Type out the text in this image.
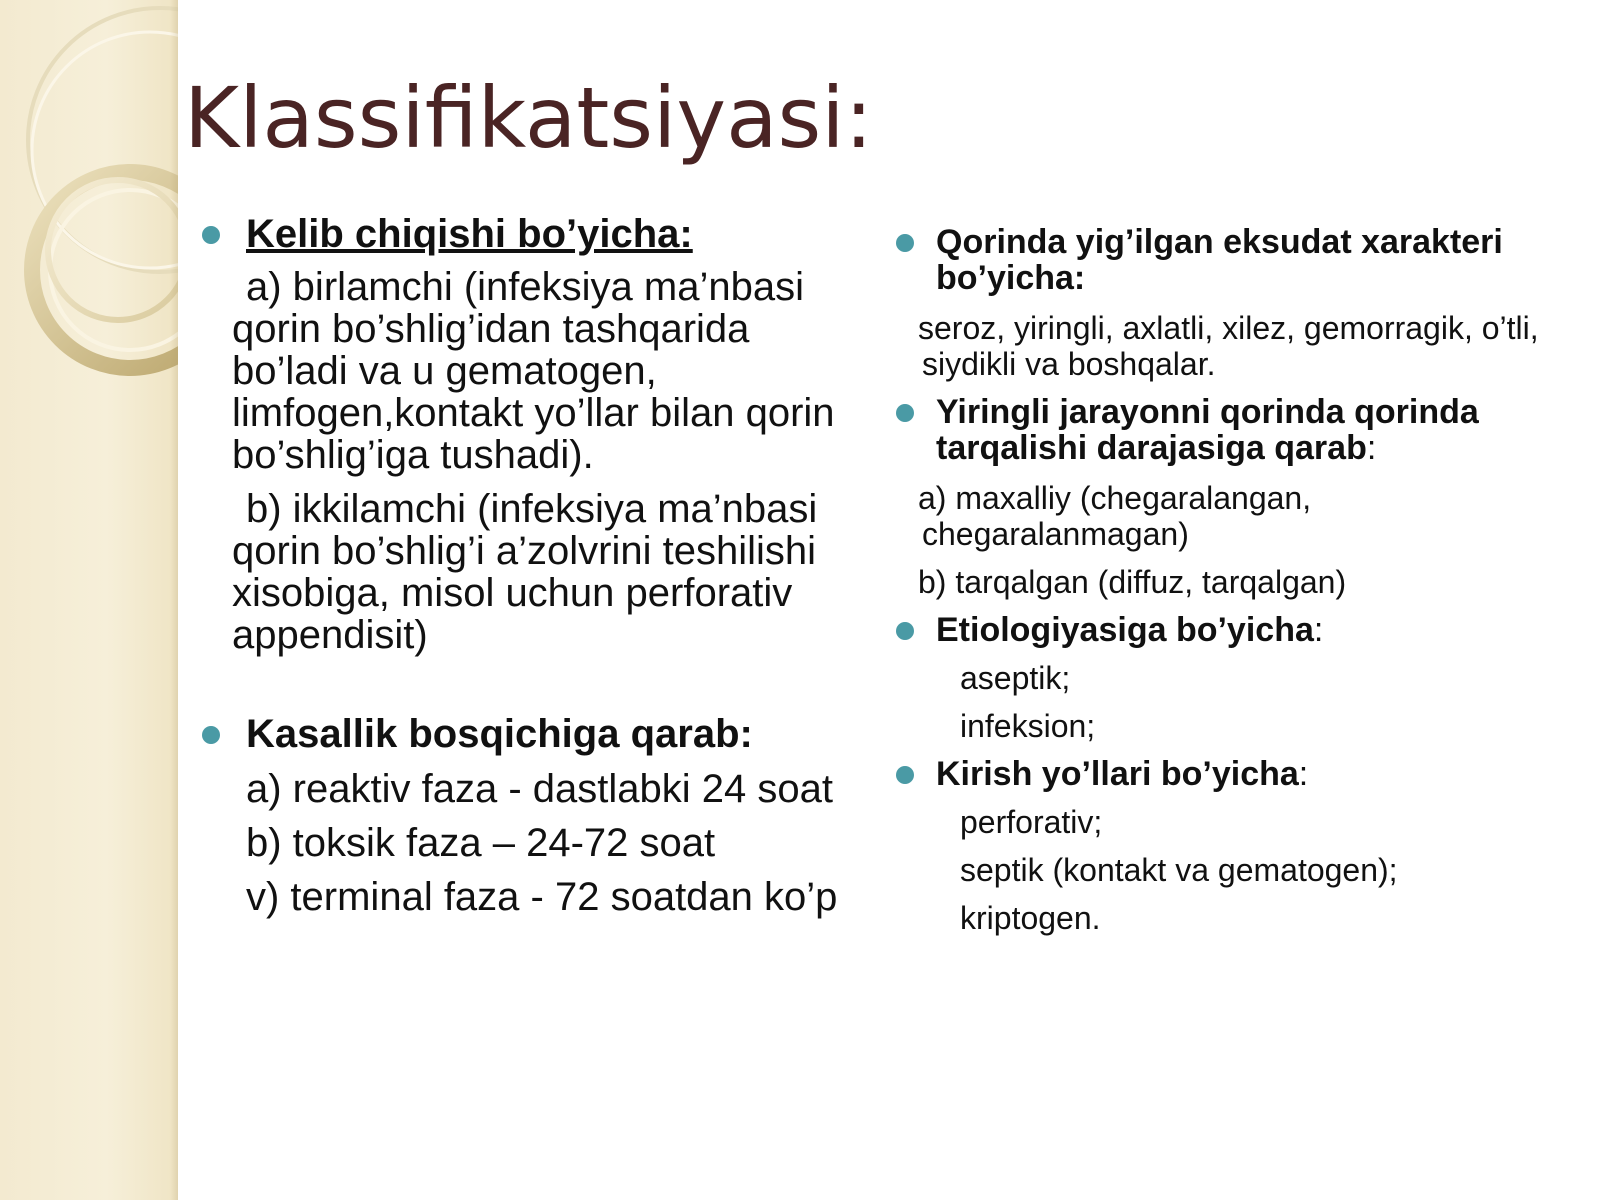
Klassifikatsiyasi:
Kelib chiqishi bo’yicha:

a) birlamchi (infeksiya ma’nbasi qorin bo’shlig’idan tashqarida bo’ladi va u gematogen, limfogen,kontakt yo’llar bilan qorin bo’shlig’iga tushadi).

b) ikkilamchi (infeksiya ma’nbasi qorin bo’shlig’i a’zolvrini teshilishi xisobiga, misol uchun perforativ appendisit)

Kasallik bosqichiga qarab:

a) reaktiv faza - dastlabki 24 soat

b) toksik faza – 24-72 soat

v) terminal faza - 72 soatdan ko’p

Qorinda yig’ilgan eksudat xarakteri bo’yicha:

seroz, yiringli, axlatli, xilez, gemorragik, o’tli, siydikli va boshqalar.

Yiringli jarayonni qorinda qorinda tarqalishi darajasiga qarab:

a) maxalliy (chegaralangan, chegaralanmagan)

b) tarqalgan (diffuz, tarqalgan)

Etiologiyasiga bo’yicha:

aseptik;

infeksion;

Kirish yo’llari bo’yicha:

perforativ;

septik (kontakt va gematogen);

kriptogen.
